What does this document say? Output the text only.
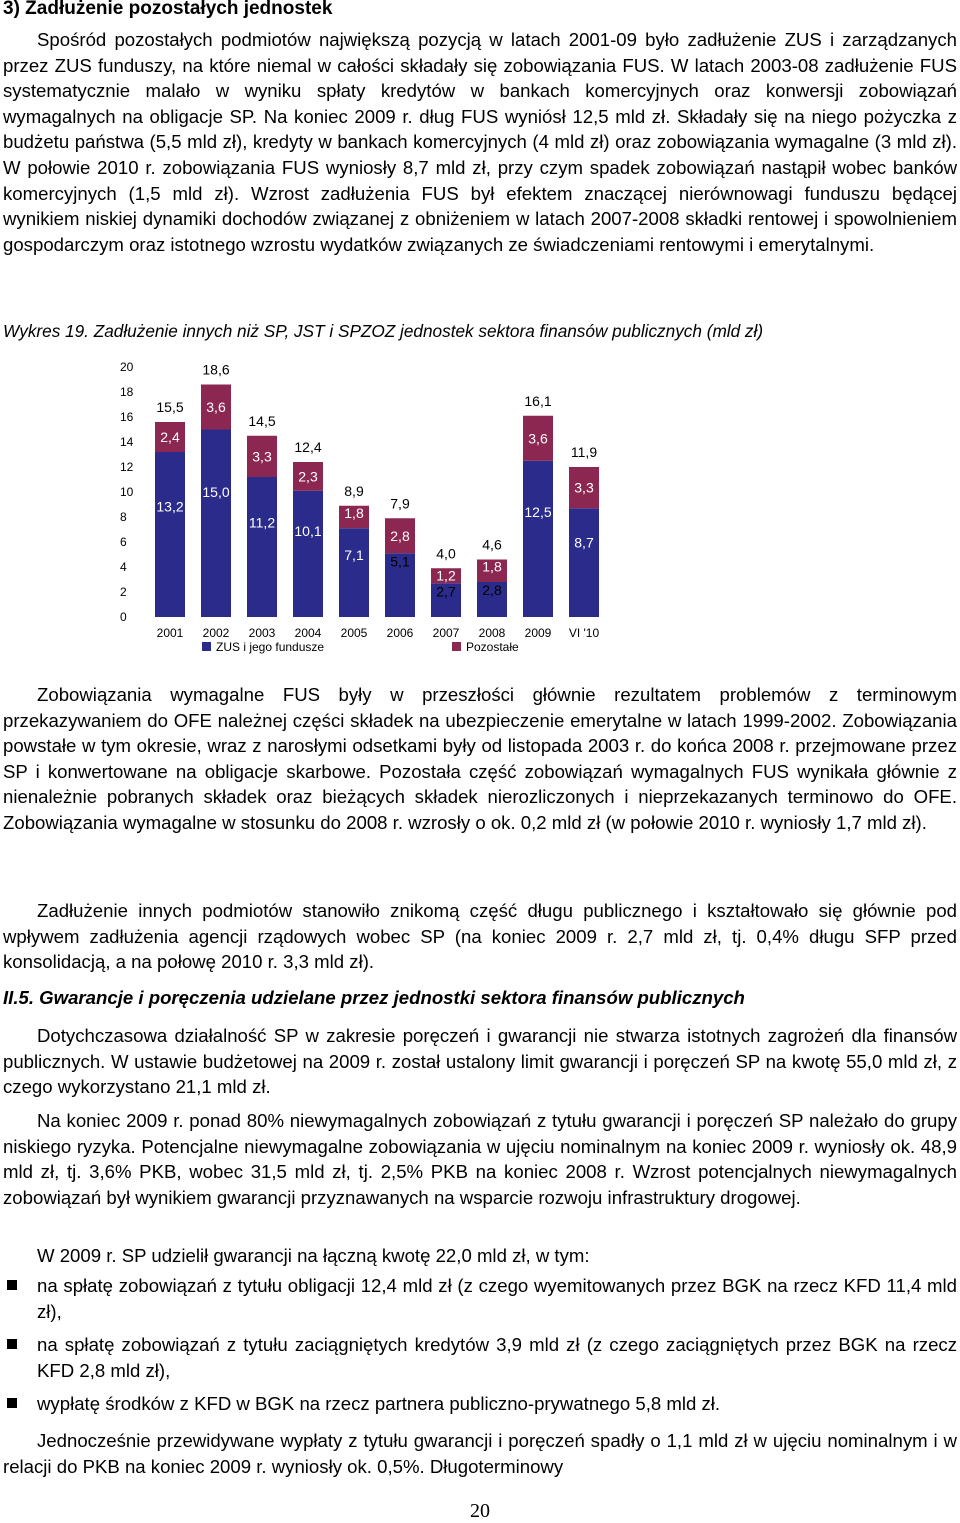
3) Zadłużenie pozostałych jednostek

Spośród pozostałych podmiotów największą pozycją w latach 2001-09 było zadłużenie ZUS i zarządzanych przez ZUS funduszy, na które niemal w całości składały się zobowiązania FUS. W latach 2003-08 zadłużenie FUS systematycznie malało w wyniku spłaty kredytów w bankach komercyjnych oraz konwersji zobowiązań wymagalnych na obligacje SP. Na koniec 2009 r. dług FUS wyniósł 12,5 mld zł. Składały się na niego pożyczka z budżetu państwa (5,5 mld zł), kredyty w bankach komercyjnych (4 mld zł) oraz zobowiązania wymagalne (3 mld zł). W połowie 2010 r. zobowiązania FUS wyniosły 8,7 mld zł, przy czym spadek zobowiązań nastąpił wobec banków komercyjnych (1,5 mld zł). Wzrost zadłużenia FUS był efektem znaczącej nierównowagi funduszu będącej wynikiem niskiej dynamiki dochodów związanej z obniżeniem w latach 2007-2008 składki rentowej i spowolnieniem gospodarczym oraz istotnego wzrostu wydatków związanych ze świadczeniami rentowymi i emerytalnymi.

Wykres 19. Zadłużenie innych niż SP, JST i SPZOZ jednostek sektora finansów publicznych (mld zł)

0
2
4
6
8
10
12
14
16
18
20
13,2
2,4
15,5
2001
15,0
3,6
18,6
2002
11,2
3,3
14,5
2003
10,1
2,3
12,4
2004
7,1
1,8
8,9
2005
5,1
2,8
7,9
2006
2,7
1,2
4,0
2007
2,8
1,8
4,6
2008
12,5
3,6
16,1
2009
8,7
3,3
11,9
VI '10
ZUS i jego fundusze	Pozostałe

Zobowiązania wymagalne FUS były w przeszłości głównie rezultatem problemów z terminowym przekazywaniem do OFE należnej części składek na ubezpieczenie emerytalne w latach 1999-2002. Zobowiązania powstałe w tym okresie, wraz z narosłymi odsetkami były od listopada 2003 r. do końca 2008 r. przejmowane przez SP i konwertowane na obligacje skarbowe. Pozostała część zobowiązań wymagalnych FUS wynikała głównie z nienależnie pobranych składek oraz bieżących składek nierozliczonych i nieprzekazanych terminowo do OFE. Zobowiązania wymagalne w stosunku do 2008 r. wzrosły o ok. 0,2 mld zł (w połowie 2010 r. wyniosły 1,7 mld zł).

Zadłużenie innych podmiotów stanowiło znikomą część długu publicznego i kształtowało się głównie pod wpływem zadłużenia agencji rządowych wobec SP (na koniec 2009 r. 2,7 mld zł, tj. 0,4% długu SFP przed konsolidacją, a na połowę 2010 r. 3,3 mld zł).

II.5. Gwarancje i poręczenia udzielane przez jednostki sektora finansów publicznych

Dotychczasowa działalność SP w zakresie poręczeń i gwarancji nie stwarza istotnych zagrożeń dla finansów publicznych. W ustawie budżetowej na 2009 r. został ustalony limit gwarancji i poręczeń SP na kwotę 55,0 mld zł, z czego wykorzystano 21,1 mld zł.

Na koniec 2009 r. ponad 80% niewymagalnych zobowiązań z tytułu gwarancji i poręczeń SP należało do grupy niskiego ryzyka. Potencjalne niewymagalne zobowiązania w ujęciu nominalnym na koniec 2009 r. wyniosły ok. 48,9 mld zł, tj. 3,6% PKB, wobec 31,5 mld zł, tj. 2,5% PKB na koniec 2008 r. Wzrost potencjalnych niewymagalnych zobowiązań był wynikiem gwarancji przyznawanych na wsparcie rozwoju infrastruktury drogowej.

W 2009 r. SP udzielił gwarancji na łączną kwotę 22,0 mld zł, w tym:

na spłatę zobowiązań z tytułu obligacji 12,4 mld zł (z czego wyemitowanych przez BGK na rzecz KFD 11,4 mld zł),
na spłatę zobowiązań z tytułu zaciągniętych kredytów 3,9 mld zł (z czego zaciągniętych przez BGK na rzecz KFD 2,8 mld zł),
wypłatę środków z KFD w BGK na rzecz partnera publiczno-prywatnego 5,8 mld zł.

Jednocześnie przewidywane wypłaty z tytułu gwarancji i poręczeń spadły o 1,1 mld zł w ujęciu nominalnym i w relacji do PKB na koniec 2009 r. wyniosły ok. 0,5%. Długoterminowy

20
